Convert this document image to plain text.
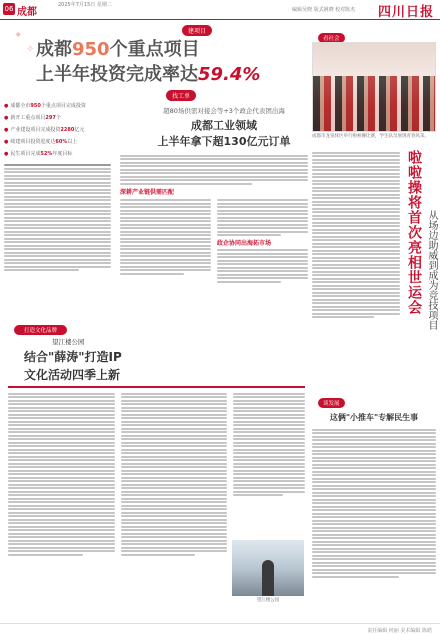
06 成都
2025年7月15日 星期二
编辑吴晓 版式姚晓 校对陈杰 四川日报
✦
✧
建项目
成都950个重点项目
上半年投资完成率达59.4%
● 成都全市950个重点项目完成投资
● 新开工重点项目297个
● 产业建设项目完成投资2280亿元
● 续建项目投资进度达60%以上
● 民生项目完成52%年度目标
找工单
超80场供需对接会等+3个政企代表团出海
成都工业领域
上半年拿下超130亿元订单
深耕产业链供需匹配
政企协同出海拓市场
看社会
成都市龙泉驿区举行啦啦操比赛，学生队员展现青春风采。
啦啦操将首次亮相世运会 从场边助威到成为竞技项目
谈发展
这俩"小推车"专解民生事
打造文化品牌
望江楼公园
结合"薛涛"打造IP
文化活动四季上新
望江楼公园
责任编辑 何丽 美术编辑 陈皓
